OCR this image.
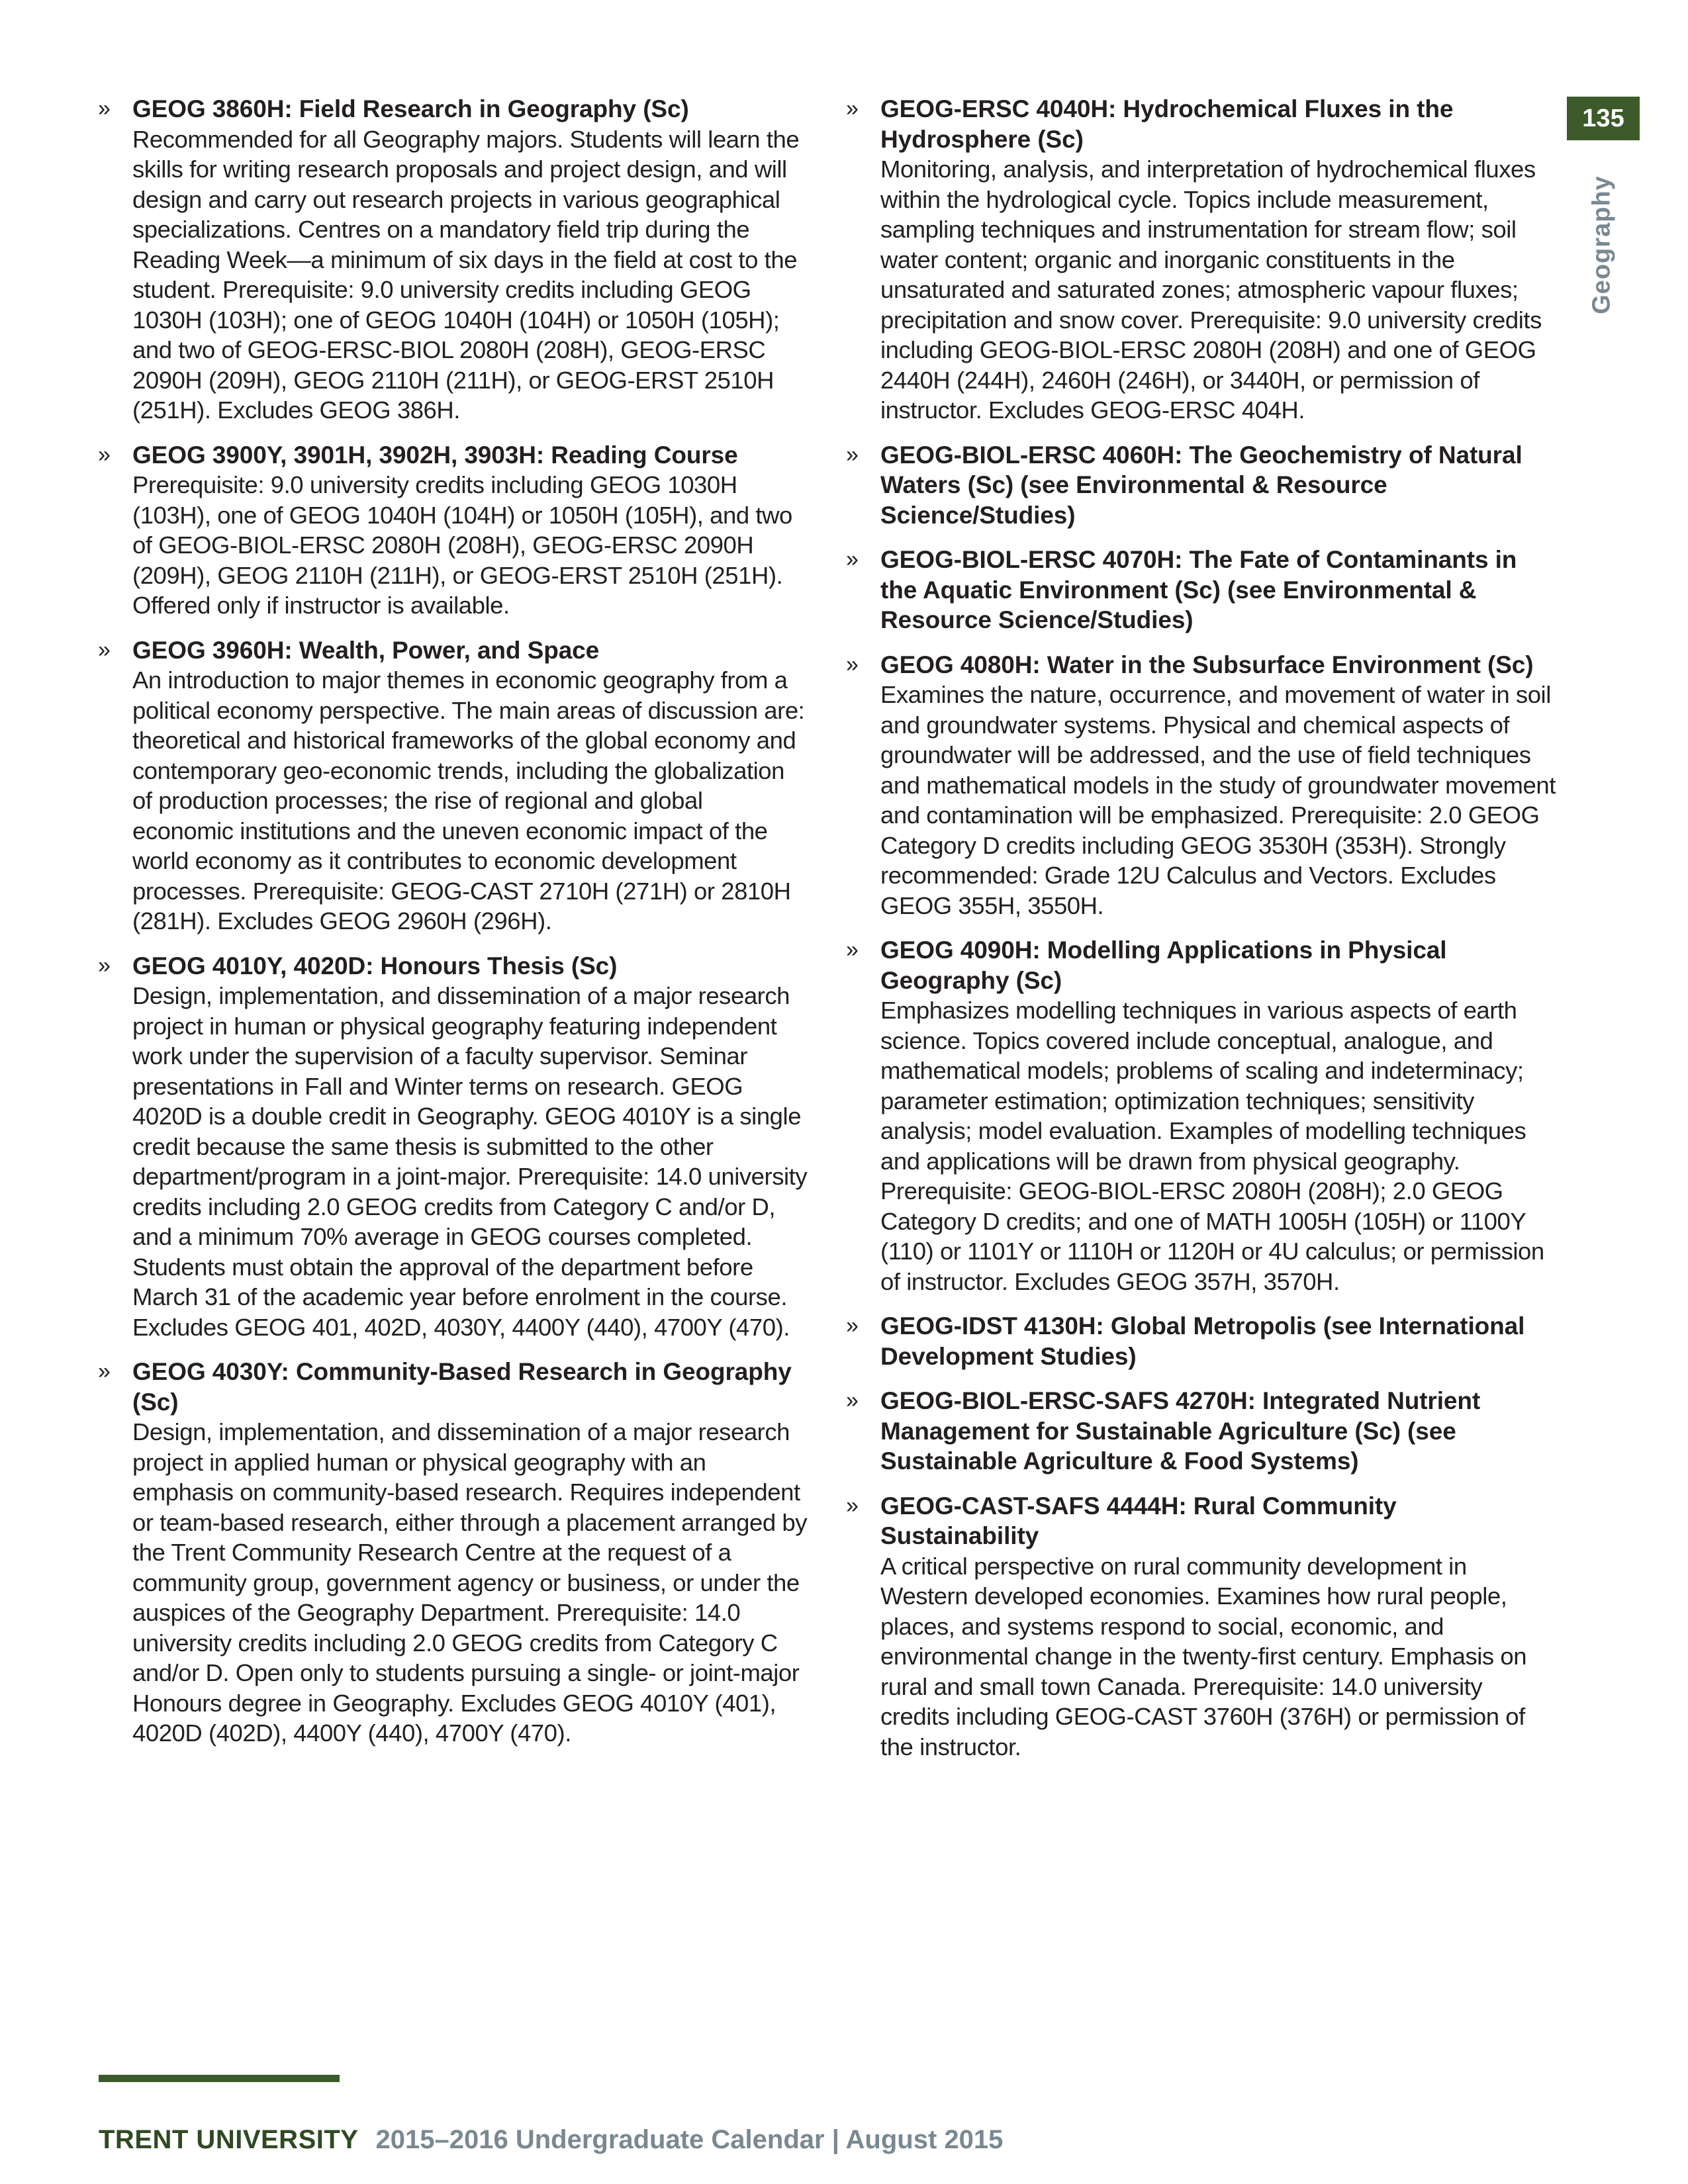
» GEOG 3860H: Field Research in Geography (Sc)
Recommended for all Geography majors. Students will learn the skills for writing research proposals and project design, and will design and carry out research projects in various geographical specializations. Centres on a mandatory field trip during the Reading Week—a minimum of six days in the field at cost to the student. Prerequisite: 9.0 university credits including GEOG 1030H (103H); one of GEOG 1040H (104H) or 1050H (105H); and two of GEOG-ERSC-BIOL 2080H (208H), GEOG-ERSC 2090H (209H), GEOG 2110H (211H), or GEOG-ERST 2510H (251H). Excludes GEOG 386H.
» GEOG 3900Y, 3901H, 3902H, 3903H: Reading Course
Prerequisite: 9.0 university credits including GEOG 1030H (103H), one of GEOG 1040H (104H) or 1050H (105H), and two of GEOG-BIOL-ERSC 2080H (208H), GEOG-ERSC 2090H (209H), GEOG 2110H (211H), or GEOG-ERST 2510H (251H). Offered only if instructor is available.
» GEOG 3960H: Wealth, Power, and Space
An introduction to major themes in economic geography from a political economy perspective. The main areas of discussion are: theoretical and historical frameworks of the global economy and contemporary geo-economic trends, including the globalization of production processes; the rise of regional and global economic institutions and the uneven economic impact of the world economy as it contributes to economic development processes. Prerequisite: GEOG-CAST 2710H (271H) or 2810H (281H). Excludes GEOG 2960H (296H).
» GEOG 4010Y, 4020D: Honours Thesis (Sc)
Design, implementation, and dissemination of a major research project in human or physical geography featuring independent work under the supervision of a faculty supervisor. Seminar presentations in Fall and Winter terms on research. GEOG 4020D is a double credit in Geography. GEOG 4010Y is a single credit because the same thesis is submitted to the other department/program in a joint-major. Prerequisite: 14.0 university credits including 2.0 GEOG credits from Category C and/or D, and a minimum 70% average in GEOG courses completed. Students must obtain the approval of the department before March 31 of the academic year before enrolment in the course. Excludes GEOG 401, 402D, 4030Y, 4400Y (440), 4700Y (470).
» GEOG 4030Y: Community-Based Research in Geography (Sc)
Design, implementation, and dissemination of a major research project in applied human or physical geography with an emphasis on community-based research. Requires independent or team-based research, either through a placement arranged by the Trent Community Research Centre at the request of a community group, government agency or business, or under the auspices of the Geography Department. Prerequisite: 14.0 university credits including 2.0 GEOG credits from Category C and/or D. Open only to students pursuing a single- or joint-major Honours degree in Geography. Excludes GEOG 4010Y (401), 4020D (402D), 4400Y (440), 4700Y (470).
» GEOG-ERSC 4040H: Hydrochemical Fluxes in the Hydrosphere (Sc)
Monitoring, analysis, and interpretation of hydrochemical fluxes within the hydrological cycle. Topics include measurement, sampling techniques and instrumentation for stream flow; soil water content; organic and inorganic constituents in the unsaturated and saturated zones; atmospheric vapour fluxes; precipitation and snow cover. Prerequisite: 9.0 university credits including GEOG-BIOL-ERSC 2080H (208H) and one of GEOG 2440H (244H), 2460H (246H), or 3440H, or permission of instructor. Excludes GEOG-ERSC 404H.
» GEOG-BIOL-ERSC 4060H: The Geochemistry of Natural Waters (Sc) (see Environmental & Resource Science/Studies)
» GEOG-BIOL-ERSC 4070H: The Fate of Contaminants in the Aquatic Environment (Sc) (see Environmental & Resource Science/Studies)
» GEOG 4080H: Water in the Subsurface Environment (Sc)
Examines the nature, occurrence, and movement of water in soil and groundwater systems. Physical and chemical aspects of groundwater will be addressed, and the use of field techniques and mathematical models in the study of groundwater movement and contamination will be emphasized. Prerequisite: 2.0 GEOG Category D credits including GEOG 3530H (353H). Strongly recommended: Grade 12U Calculus and Vectors. Excludes GEOG 355H, 3550H.
» GEOG 4090H: Modelling Applications in Physical Geography (Sc)
Emphasizes modelling techniques in various aspects of earth science. Topics covered include conceptual, analogue, and mathematical models; problems of scaling and indeterminacy; parameter estimation; optimization techniques; sensitivity analysis; model evaluation. Examples of modelling techniques and applications will be drawn from physical geography. Prerequisite: GEOG-BIOL-ERSC 2080H (208H); 2.0 GEOG Category D credits; and one of MATH 1005H (105H) or 1100Y (110) or 1101Y or 1110H or 1120H or 4U calculus; or permission of instructor. Excludes GEOG 357H, 3570H.
» GEOG-IDST 4130H: Global Metropolis (see International Development Studies)
» GEOG-BIOL-ERSC-SAFS 4270H: Integrated Nutrient Management for Sustainable Agriculture (Sc) (see Sustainable Agriculture & Food Systems)
» GEOG-CAST-SAFS 4444H: Rural Community Sustainability
A critical perspective on rural community development in Western developed economies. Examines how rural people, places, and systems respond to social, economic, and environmental change in the twenty-first century. Emphasis on rural and small town Canada. Prerequisite: 14.0 university credits including GEOG-CAST 3760H (376H) or permission of the instructor.
135
Geography
TRENT UNIVERSITY 2015–2016 Undergraduate Calendar | August 2015
